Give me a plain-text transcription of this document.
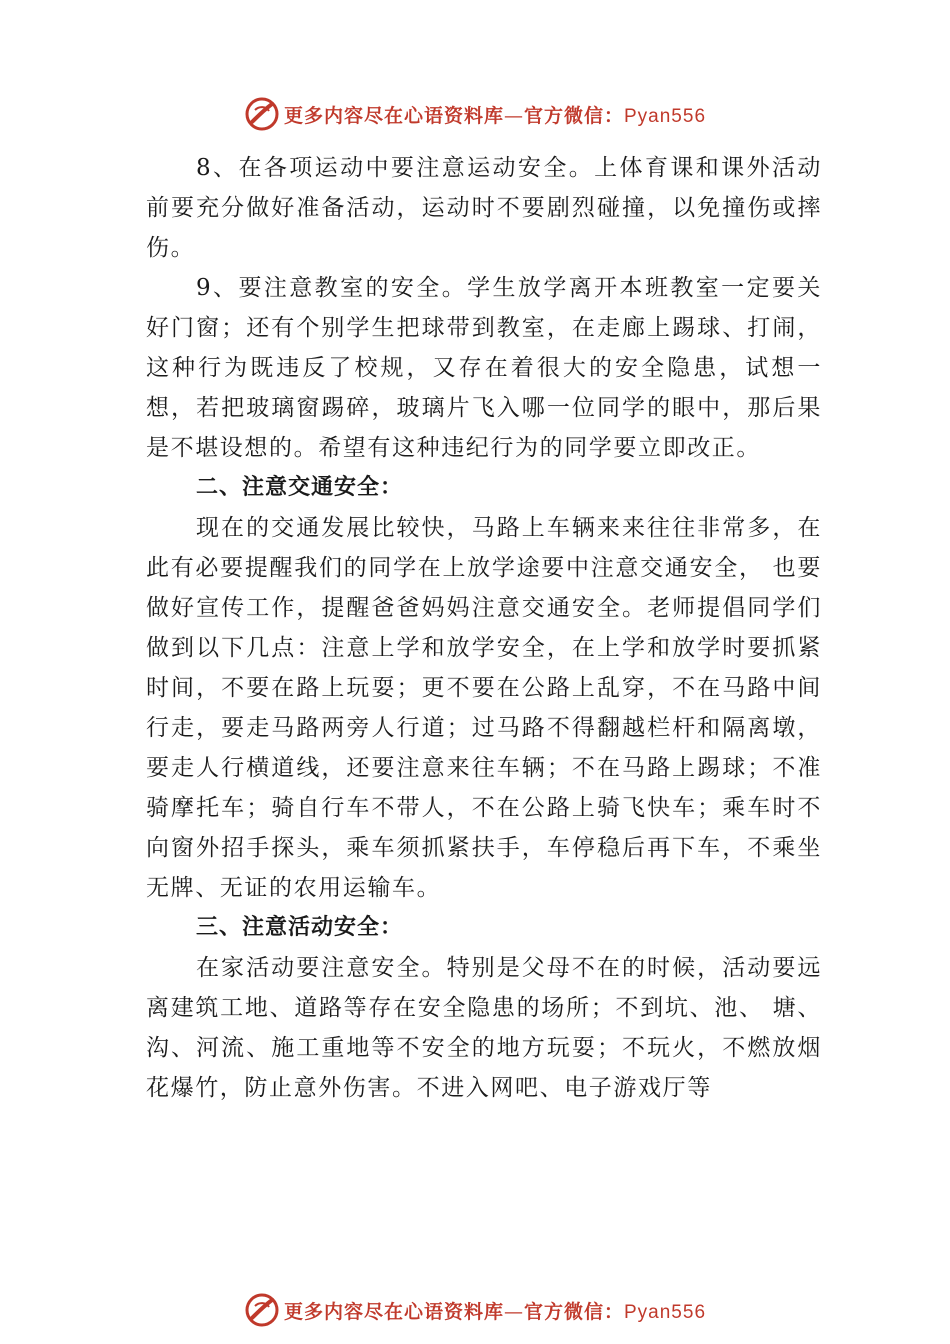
更多内容尽在心语资料库—官方微信：Pyan556

8、在各项运动中要注意运动安全。上体育课和课外活动前要充分做好准备活动，运动时不要剧烈碰撞，以免撞伤或摔伤。

9、要注意教室的安全。学生放学离开本班教室一定要关好门窗；还有个别学生把球带到教室，在走廊上踢球、打闹， 这种行为既违反了校规，又存在着很大的安全隐患，试想一想，若把玻璃窗踢碎，玻璃片飞入哪一位同学的眼中，那后果是不堪设想的。希望有这种违纪行为的同学要立即改正。

二、注意交通安全：

现在的交通发展比较快，马路上车辆来来往往非常多，在此有必要提醒我们的同学在上放学途要中注意交通安全， 也要做好宣传工作，提醒爸爸妈妈注意交通安全。老师提倡同学们做到以下几点：注意上学和放学安全，在上学和放学时要抓紧时间，不要在路上玩耍；更不要在公路上乱穿，不在马路中间行走，要走马路两旁人行道；过马路不得翻越栏杆和隔离墩，要走人行横道线，还要注意来往车辆；不在马路上踢球；不准骑摩托车；骑自行车不带人，不在公路上骑飞快车；乘车时不向窗外招手探头，乘车须抓紧扶手，车停稳后再下车，不乘坐无牌、无证的农用运输车。

三、注意活动安全：

在家活动要注意安全。特别是父母不在的时候，活动要远离建筑工地、道路等存在安全隐患的场所；不到坑、池、 塘、沟、河流、施工重地等不安全的地方玩耍；不玩火，不燃放烟花爆竹，防止意外伤害。不进入网吧、电子游戏厅等

更多内容尽在心语资料库—官方微信：Pyan556
